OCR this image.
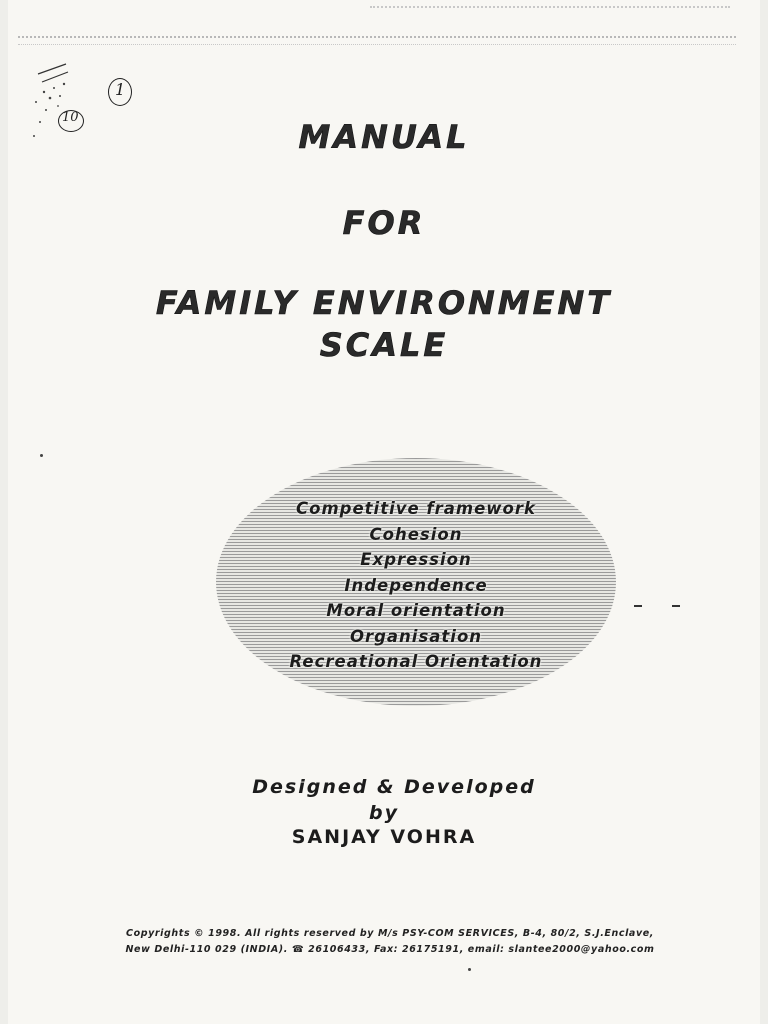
1
10
MANUAL
FOR
FAMILY ENVIRONMENT
SCALE
Competitive framework
Cohesion
Expression
Independence
Moral orientation
Organisation
Recreational Orientation
Designed & Developed
by
SANJAY VOHRA
Copyrights © 1998. All rights reserved by M/s PSY-COM SERVICES, B-4, 80/2, S.J.Enclave,
New Delhi-110 029 (INDIA). ☎ 26106433, Fax: 26175191, email: slantee2000@yahoo.com
